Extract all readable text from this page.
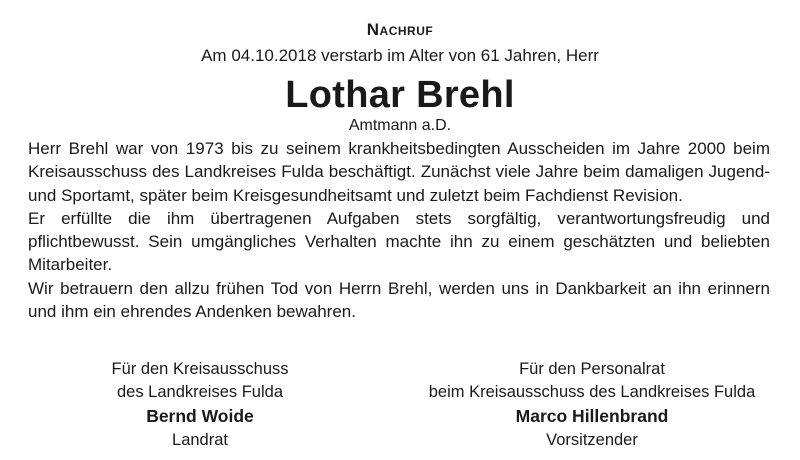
Nachruf
Am 04.10.2018 verstarb im Alter von 61 Jahren, Herr
Lothar Brehl
Amtmann a.D.

Herr Brehl war von 1973 bis zu seinem krankheitsbedingten Ausscheiden im Jahre 2000 beim Kreisausschuss des Landkreises Fulda beschäftigt. Zunächst viele Jahre beim damaligen Jugend- und Sportamt, später beim Kreisgesundheitsamt und zuletzt beim Fachdienst Revision.

Er erfüllte die ihm übertragenen Aufgaben stets sorgfältig, verantwortungsfreudig und pflichtbewusst. Sein umgängliches Verhalten machte ihn zu einem geschätzten und beliebten Mitarbeiter.

Wir betrauern den allzu frühen Tod von Herrn Brehl, werden uns in Dankbarkeit an ihn erinnern und ihm ein ehrendes Andenken bewahren.

Für den Kreisausschuss
des Landkreises Fulda
Bernd Woide
Landrat
Für den Personalrat
beim Kreisausschuss des Landkreises Fulda
Marco Hillenbrand
Vorsitzender
